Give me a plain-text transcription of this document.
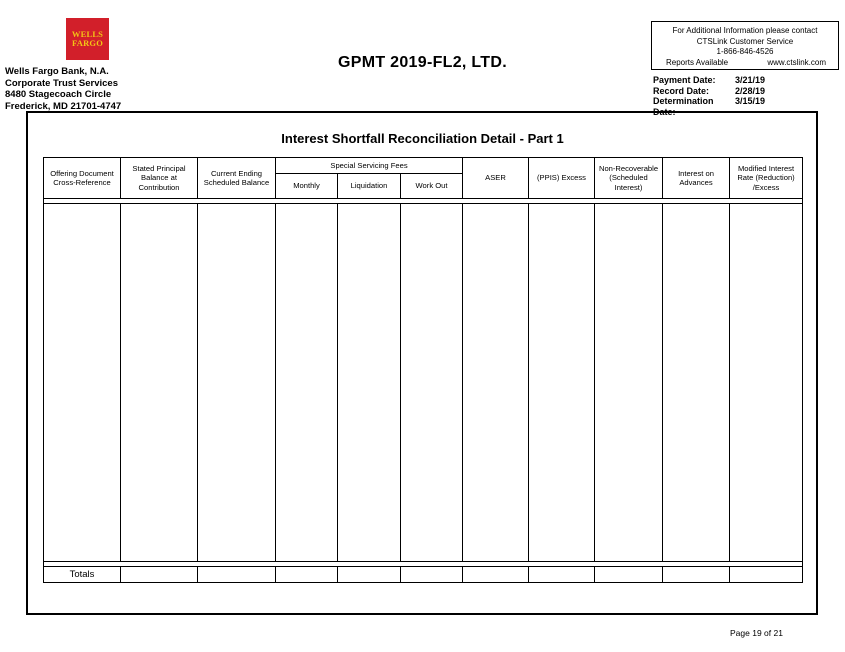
WELLS
FARGO
Wells Fargo Bank, N.A.
Corporate Trust Services
8480 Stagecoach Circle
Frederick, MD 21701-4747
GPMT 2019-FL2, LTD.
For Additional Information please contact
CTSLink Customer Service
1-866-846-4526
Reports Available	www.ctslink.com
Payment Date:	3/21/19
Record Date:	2/28/19
Determination Date:
3/15/19
Interest Shortfall Reconciliation Detail - Part 1
Offering Document Cross-Reference	Stated Principal Balance at Contribution	Current Ending Scheduled Balance	Special Servicing Fees			ASER	(PPIS) Excess	Non-Recoverable (Scheduled Interest)	Interest on Advances	Modified Interest Rate (Reduction) /Excess
			Monthly	Liquidation	Work Out					

Totals										
Page 19 of 21
